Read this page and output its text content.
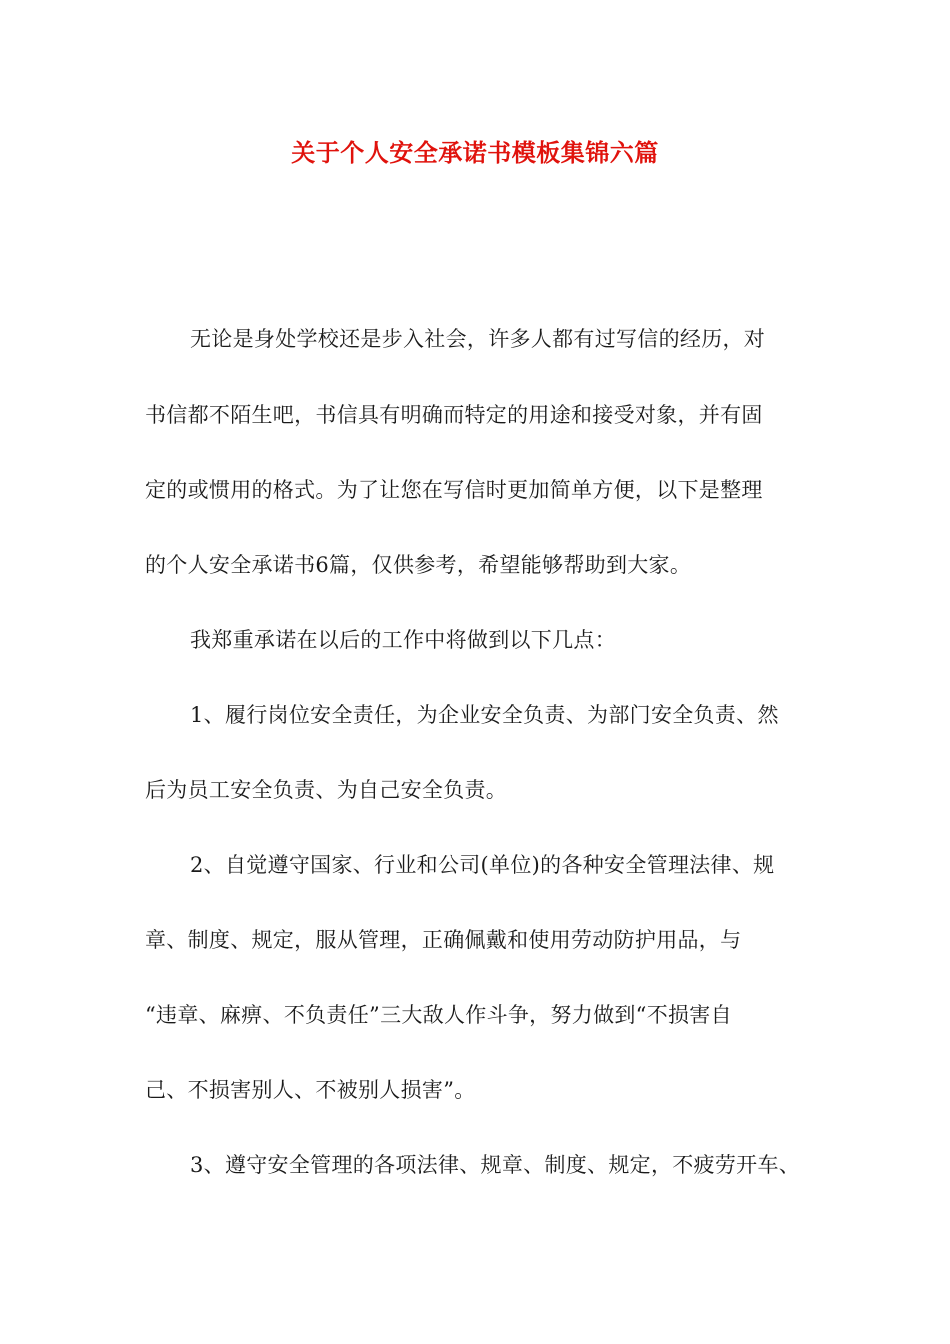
关于个人安全承诺书模板集锦六篇

无论是身处学校还是步入社会，许多人都有过写信的经历，对

书信都不陌生吧，书信具有明确而特定的用途和接受对象，并有固

定的或惯用的格式。为了让您在写信时更加简单方便，以下是整理

的个人安全承诺书6篇，仅供参考，希望能够帮助到大家。

我郑重承诺在以后的工作中将做到以下几点：

1、履行岗位安全责任，为企业安全负责、为部门安全负责、然

后为员工安全负责、为自己安全负责。

2、自觉遵守国家、行业和公司(单位)的各种安全管理法律、规

章、制度、规定，服从管理，正确佩戴和使用劳动防护用品，与

“违章、麻痹、不负责任”三大敌人作斗争，努力做到“不损害自

己、不损害别人、不被别人损害”。

3、遵守安全管理的各项法律、规章、制度、规定，不疲劳开车、
